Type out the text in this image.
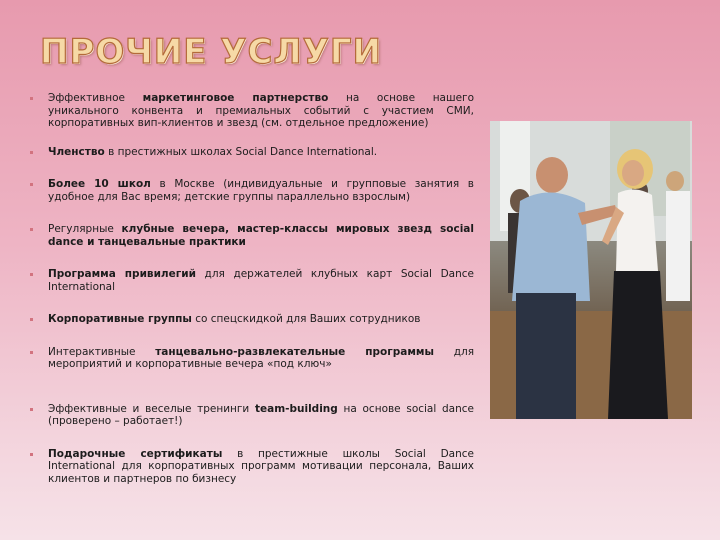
ПРОЧИЕ УСЛУГИ
Эффективное маркетинговое партнерство на основе нашего уникального конвента и премиальных событий с участием СМИ, корпоративных вип-клиентов и звезд (см. отдельное предложение)
Членство в престижных школах Social Dance International.
Более 10 школ в Москве (индивидуальные и групповые занятия в удобное для Вас время; детские группы параллельно взрослым)
Регулярные клубные вечера, мастер-классы мировых звезд social dance и танцевальные практики
Программа привилегий для держателей клубных карт Social Dance International
Корпоративные группы со спецскидкой для Ваших сотрудников
Интерактивные танцевально-развлекательные программы для мероприятий и корпоративные вечера «под ключ»
Эффективные и веселые тренинги team-building на основе social dance (проверено – работает!)
Подарочные сертификаты в престижные школы Social Dance International для корпоративных программ мотивации персонала, Ваших клиентов и партнеров по бизнесу
